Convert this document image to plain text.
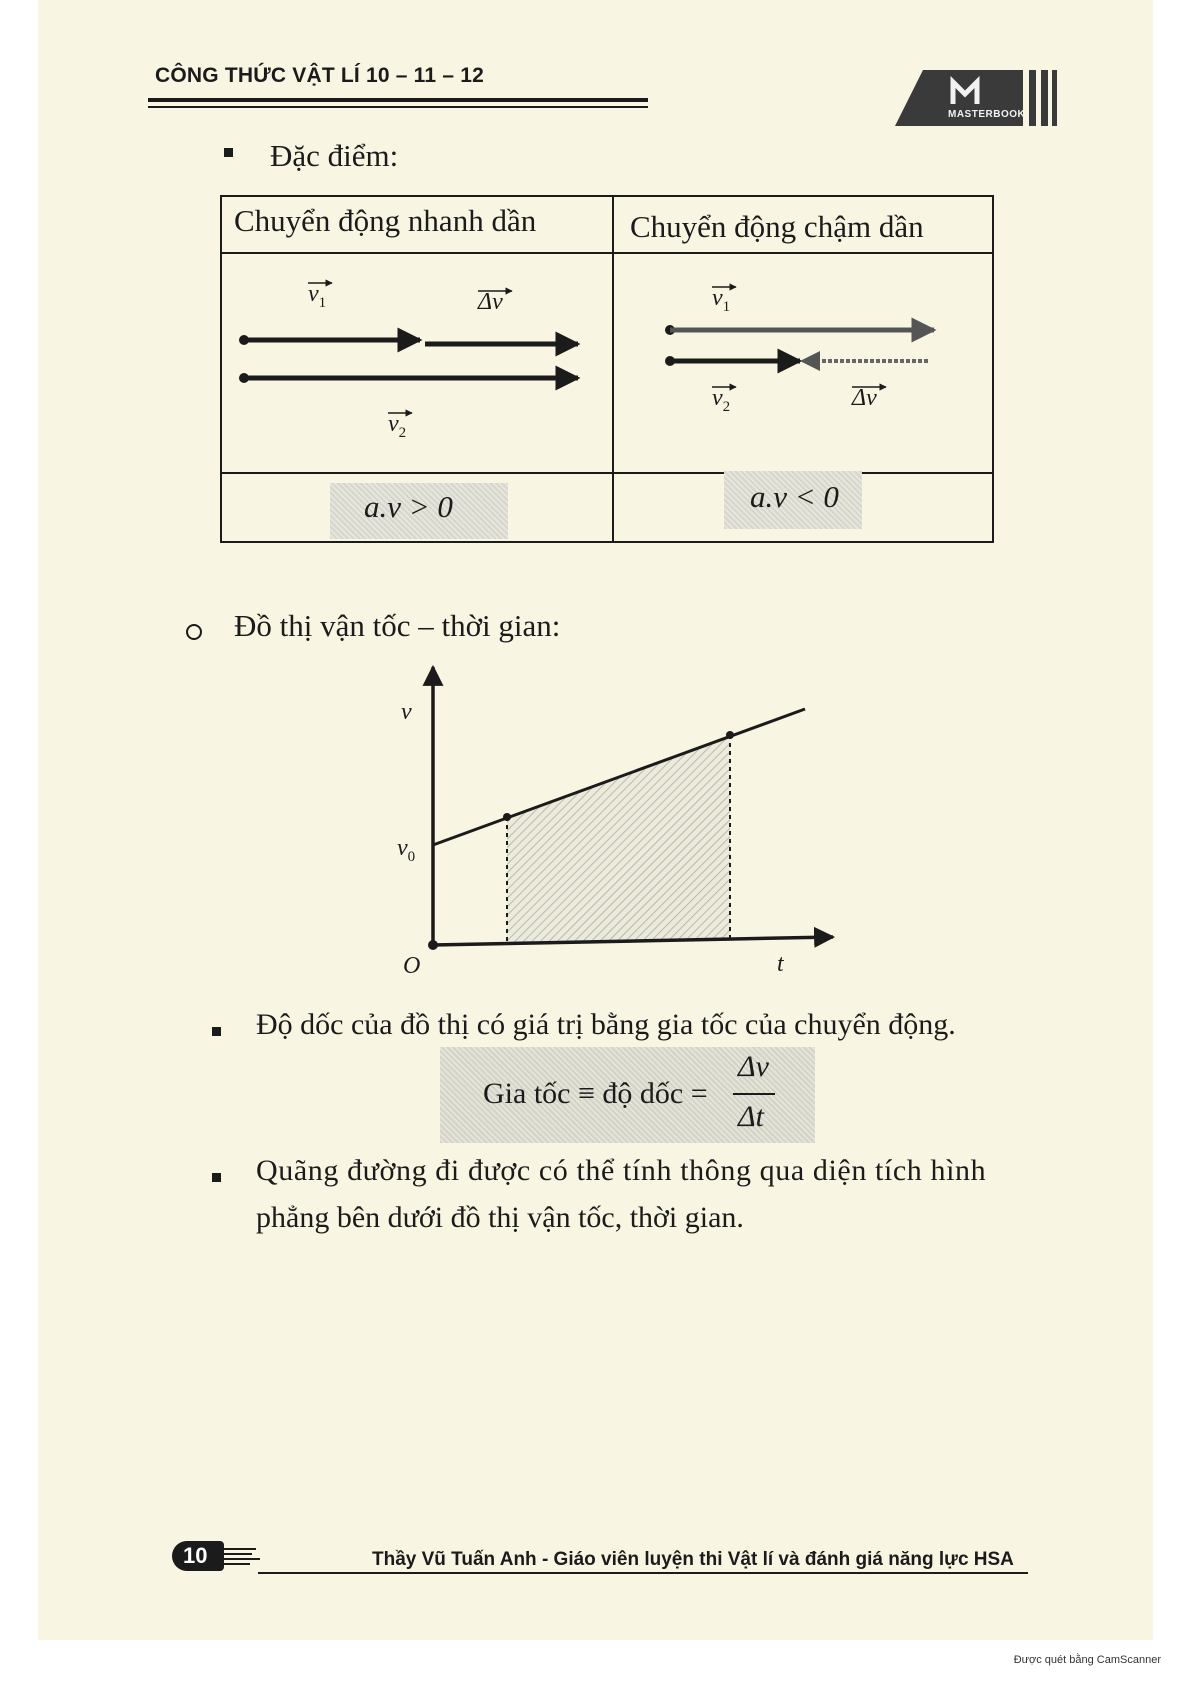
CÔNG THỨC VẬT LÍ 10 – 11 – 12
MASTERBOOK
Đặc điểm:
Chuyển động nhanh dần	Chuyển động chậm dần
$v_1$	Δv
$v_2$
$v_1$
$v_2$	Δv
a.v > 0	a.v < 0
Đồ thị vận tốc – thời gian:
v
$v_0$
O	t
Độ dốc của đồ thị có giá trị bằng gia tốc của chuyển động.
Gia tốc ≡ độ dốc =
Δv
Δt
Quãng đường đi được có thể tính thông qua diện tích hình
phẳng bên dưới đồ thị vận tốc, thời gian.
10	Thầy Vũ Tuấn Anh - Giáo viên luyện thi Vật lí và đánh giá năng lực HSA
Được quét bằng CamScanner
